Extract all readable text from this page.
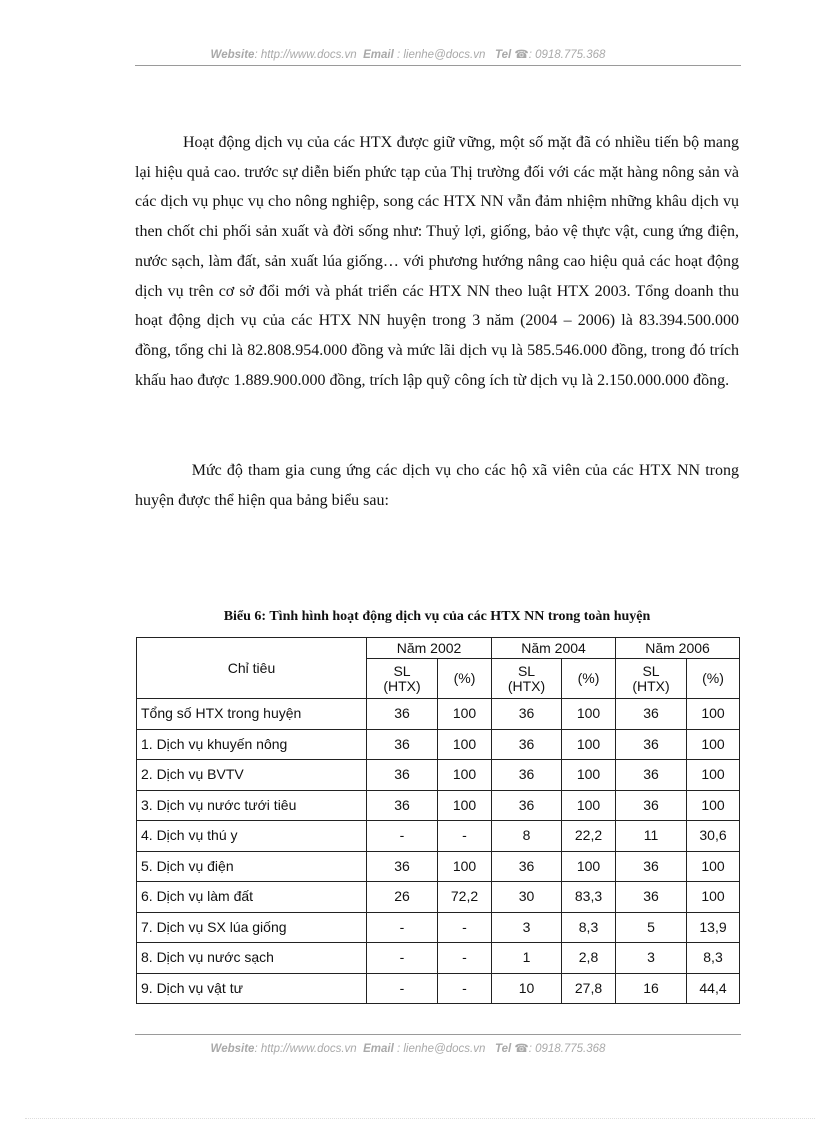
Website: http://www.docs.vn Email : lienhe@docs.vn Tel ☎: 0918.775.368

Hoạt động dịch vụ của các HTX được giữ vững, một số mặt đã có nhiều tiến bộ mang lại hiệu quả cao. trước sự diễn biến phức tạp của Thị trường đối với các mặt hàng nông sản và các dịch vụ phục vụ cho nông nghiệp, song các HTX NN vẫn đảm nhiệm những khâu dịch vụ then chốt chi phối sản xuất và đời sống như: Thuỷ lợi, giống, bảo vệ thực vật, cung ứng điện, nước sạch, làm đất, sản xuất lúa giống… với phương hướng nâng cao hiệu quả các hoạt động dịch vụ trên cơ sở đổi mới và phát triển các HTX NN theo luật HTX 2003. Tổng doanh thu hoạt động dịch vụ của các HTX NN huyện trong 3 năm (2004 – 2006) là 83.394.500.000 đồng, tổng chi là 82.808.954.000 đồng và mức lãi dịch vụ là 585.546.000 đồng, trong đó trích khấu hao được 1.889.900.000 đồng, trích lập quỹ công ích từ dịch vụ là 2.150.000.000 đồng.

Mức độ tham gia cung ứng các dịch vụ cho các hộ xã viên của các HTX NN trong huyện được thể hiện qua bảng biểu sau:

Biểu 6: Tình hình hoạt động dịch vụ của các HTX NN trong toàn huyện
Chỉ tiêu	Năm 2002		Năm 2004		Năm 2006	

	SL (HTX)	(%)	SL (HTX)	(%)	SL (HTX)	(%)
Tổng số HTX trong huyện	36	100	36	100	36	100
1. Dịch vụ khuyến nông	36	100	36	100	36	100
2. Dịch vụ BVTV	36	100	36	100	36	100
3. Dịch vụ nước tưới tiêu	36	100	36	100	36	100
4. Dịch vụ thú y	-	-	8	22,2	11	30,6
5. Dịch vụ điện	36	100	36	100	36	100
6. Dịch vụ làm đất	26	72,2	30	83,3	36	100
7. Dịch vụ SX lúa giống	-	-	3	8,3	5	13,9
8. Dịch vụ nước sạch	-	-	1	2,8	3	8,3
9. Dịch vụ vật tư	-	-	10	27,8	16	44,4
Website: http://www.docs.vn Email : lienhe@docs.vn Tel ☎: 0918.775.368
